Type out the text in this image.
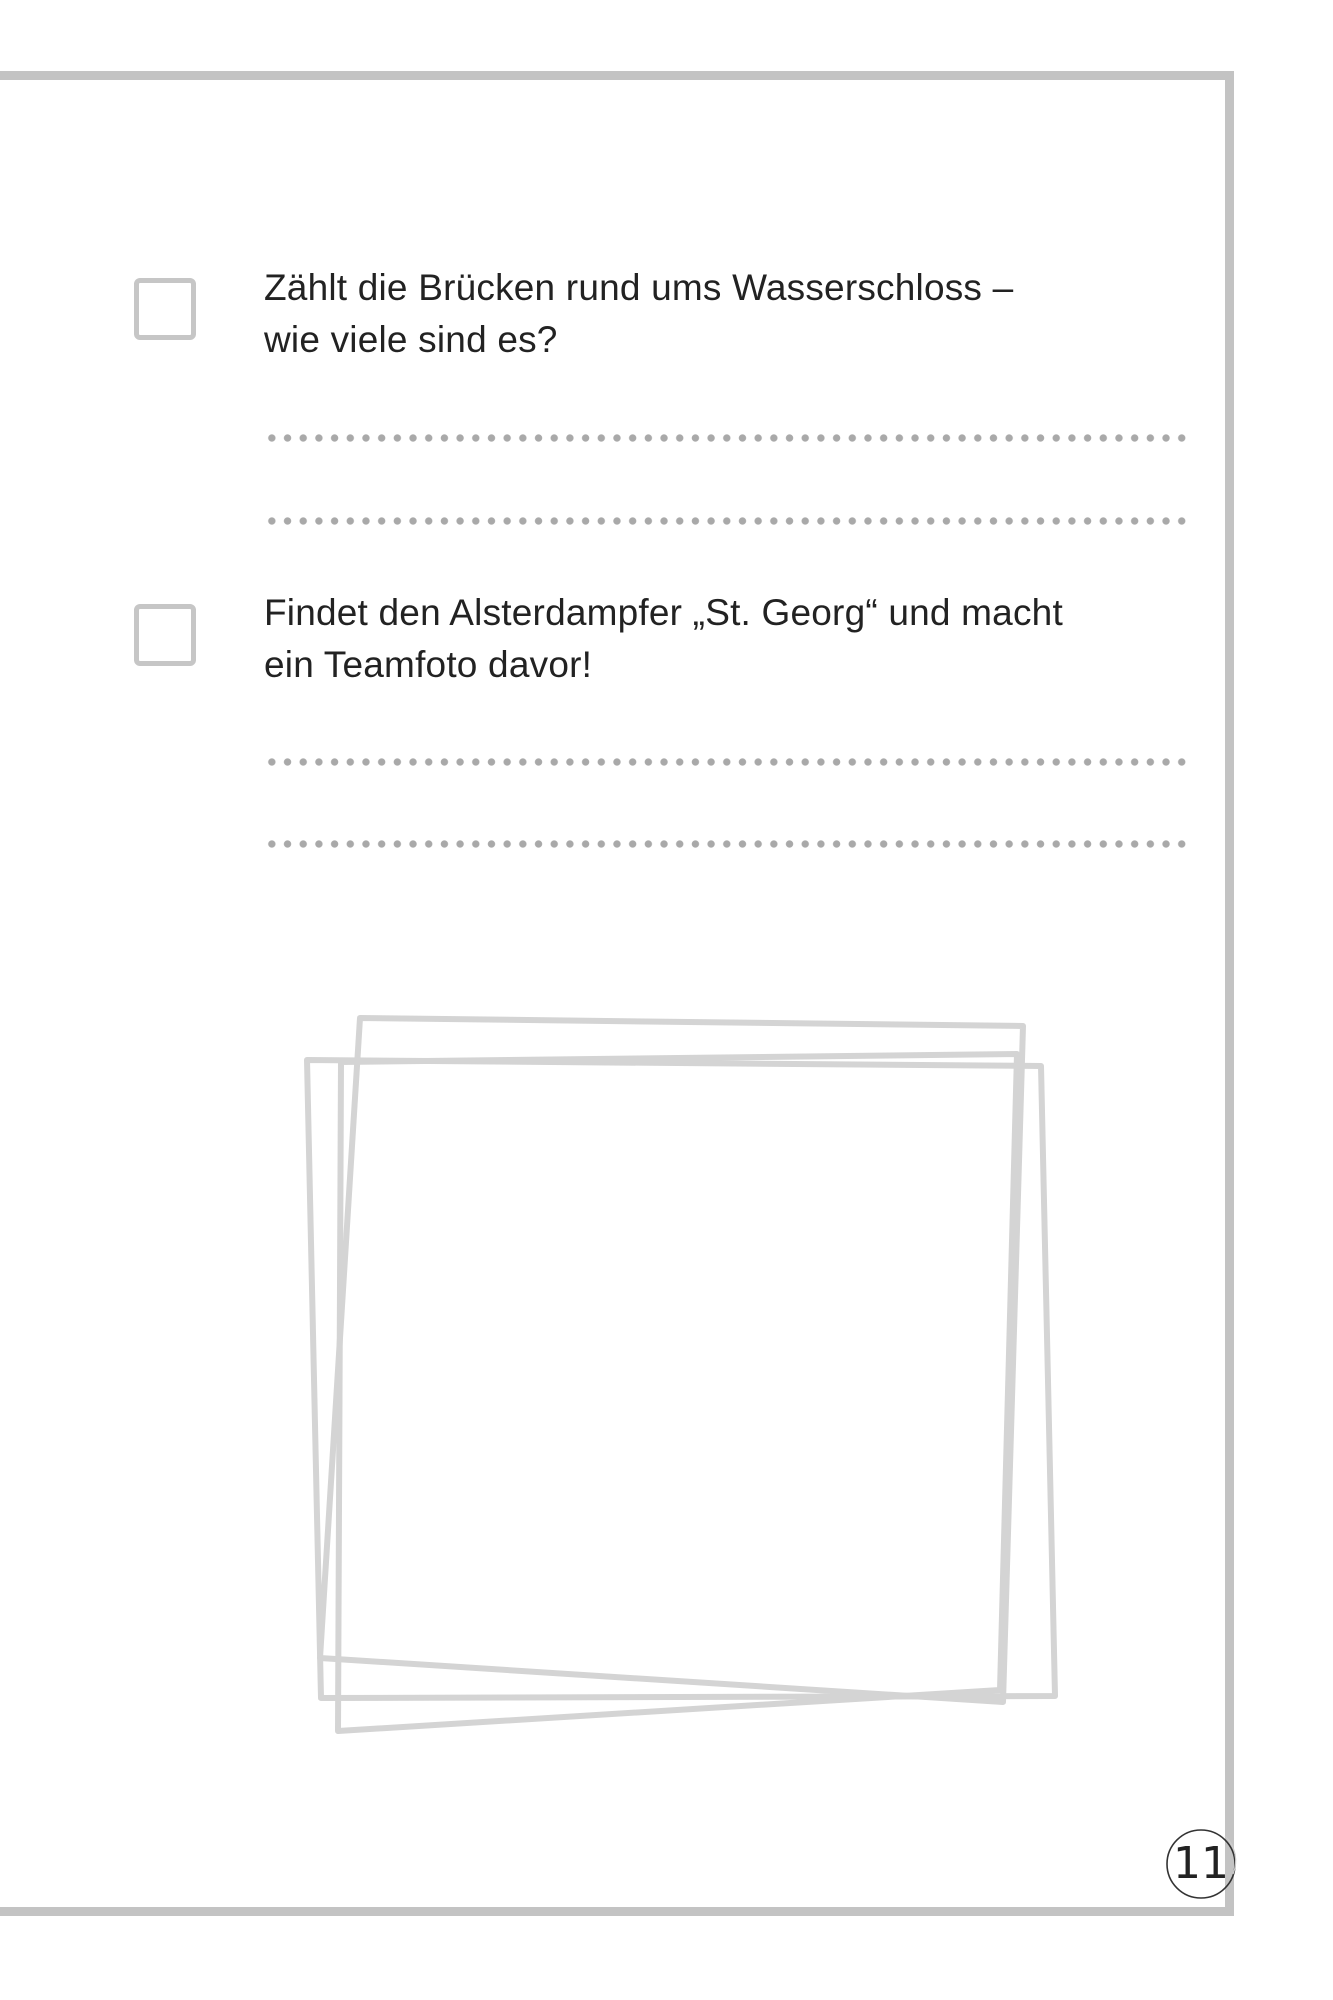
Zählt die Brücken rund ums Wasserschloss –
wie viele sind es?
Findet den Alsterdampfer „St. Georg“ und macht
ein Teamfoto davor!
11
